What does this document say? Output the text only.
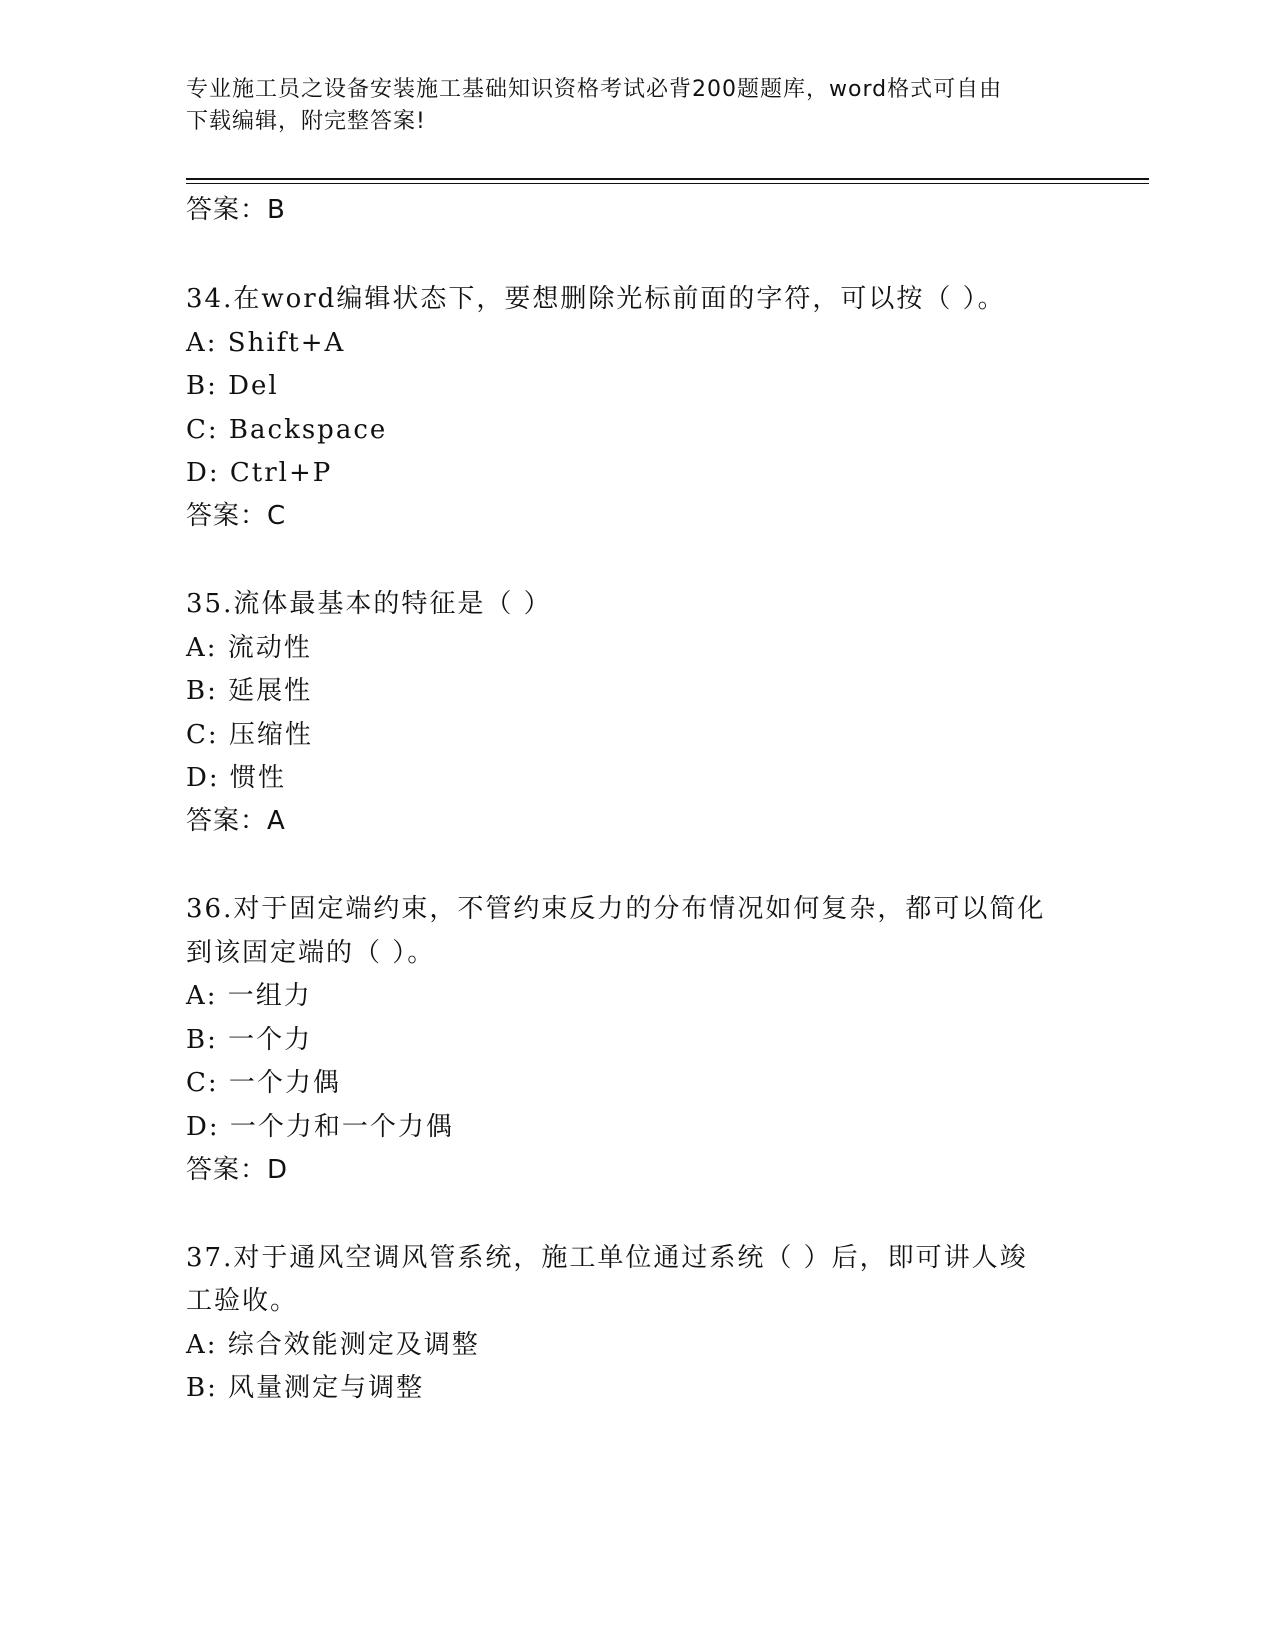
专业施工员之设备安装施工基础知识资格考试必背200题题库，word格式可自由
下载编辑，附完整答案!
答案：B
34.在word编辑状态下，要想删除光标前面的字符，可以按（ ）。
A: Shift+A
B: Del
C: Backspace
D: Ctrl+P
答案：C
35.流体最基本的特征是（ ）
A: 流动性
B: 延展性
C: 压缩性
D: 惯性
答案：A
36.对于固定端约束，不管约束反力的分布情况如何复杂，都可以简化
到该固定端的（ ）。
A: 一组力
B: 一个力
C: 一个力偶
D: 一个力和一个力偶
答案：D
37.对于通风空调风管系统，施工单位通过系统（ ）后，即可讲人竣
工验收。
A: 综合效能测定及调整
B: 风量测定与调整
